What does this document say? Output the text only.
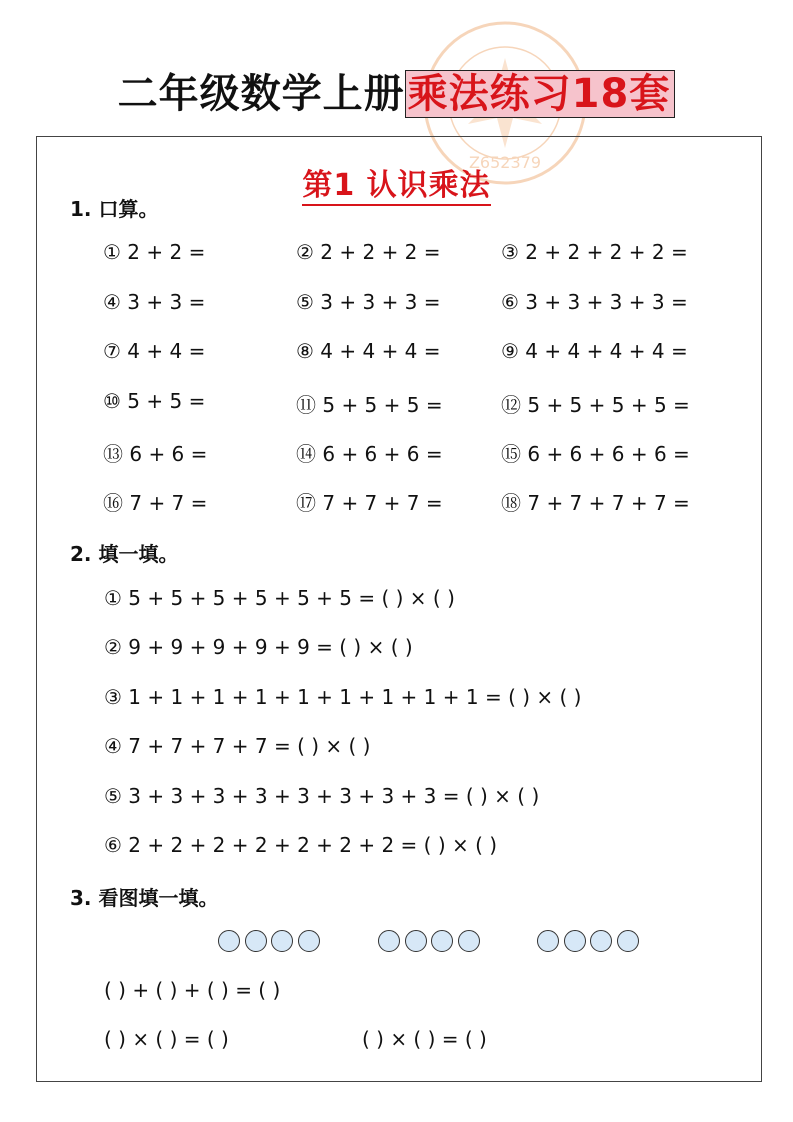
Z652379
二年级数学上册乘法练习18套
第1 认识乘法
1. 口算。
① 2 + 2 =	② 2 + 2 + 2 =	③ 2 + 2 + 2 + 2 =
④ 3 + 3 =	⑤ 3 + 3 + 3 =	⑥ 3 + 3 + 3 + 3 =
⑦ 4 + 4 =	⑧ 4 + 4 + 4 =	⑨ 4 + 4 + 4 + 4 =
⑩ 5 + 5 =	⑪ 5 + 5 + 5 =	⑫ 5 + 5 + 5 + 5 =
⑬ 6 + 6 =	⑭ 6 + 6 + 6 =	⑮ 6 + 6 + 6 + 6 =
⑯ 7 + 7 =	⑰ 7 + 7 + 7 =	⑱ 7 + 7 + 7 + 7 =
2. 填一填。
① 5 + 5 + 5 + 5 + 5 + 5 = ( ) × ( )
② 9 + 9 + 9 + 9 + 9 = ( ) × ( )
③ 1 + 1 + 1 + 1 + 1 + 1 + 1 + 1 + 1 = ( ) × ( )
④ 7 + 7 + 7 + 7 = ( ) × ( )
⑤ 3 + 3 + 3 + 3 + 3 + 3 + 3 + 3 = ( ) × ( )
⑥ 2 + 2 + 2 + 2 + 2 + 2 + 2 = ( ) × ( )
3. 看图填一填。
( ) + ( ) + ( ) = ( )
( ) × ( ) = ( )	( ) × ( ) = ( )
